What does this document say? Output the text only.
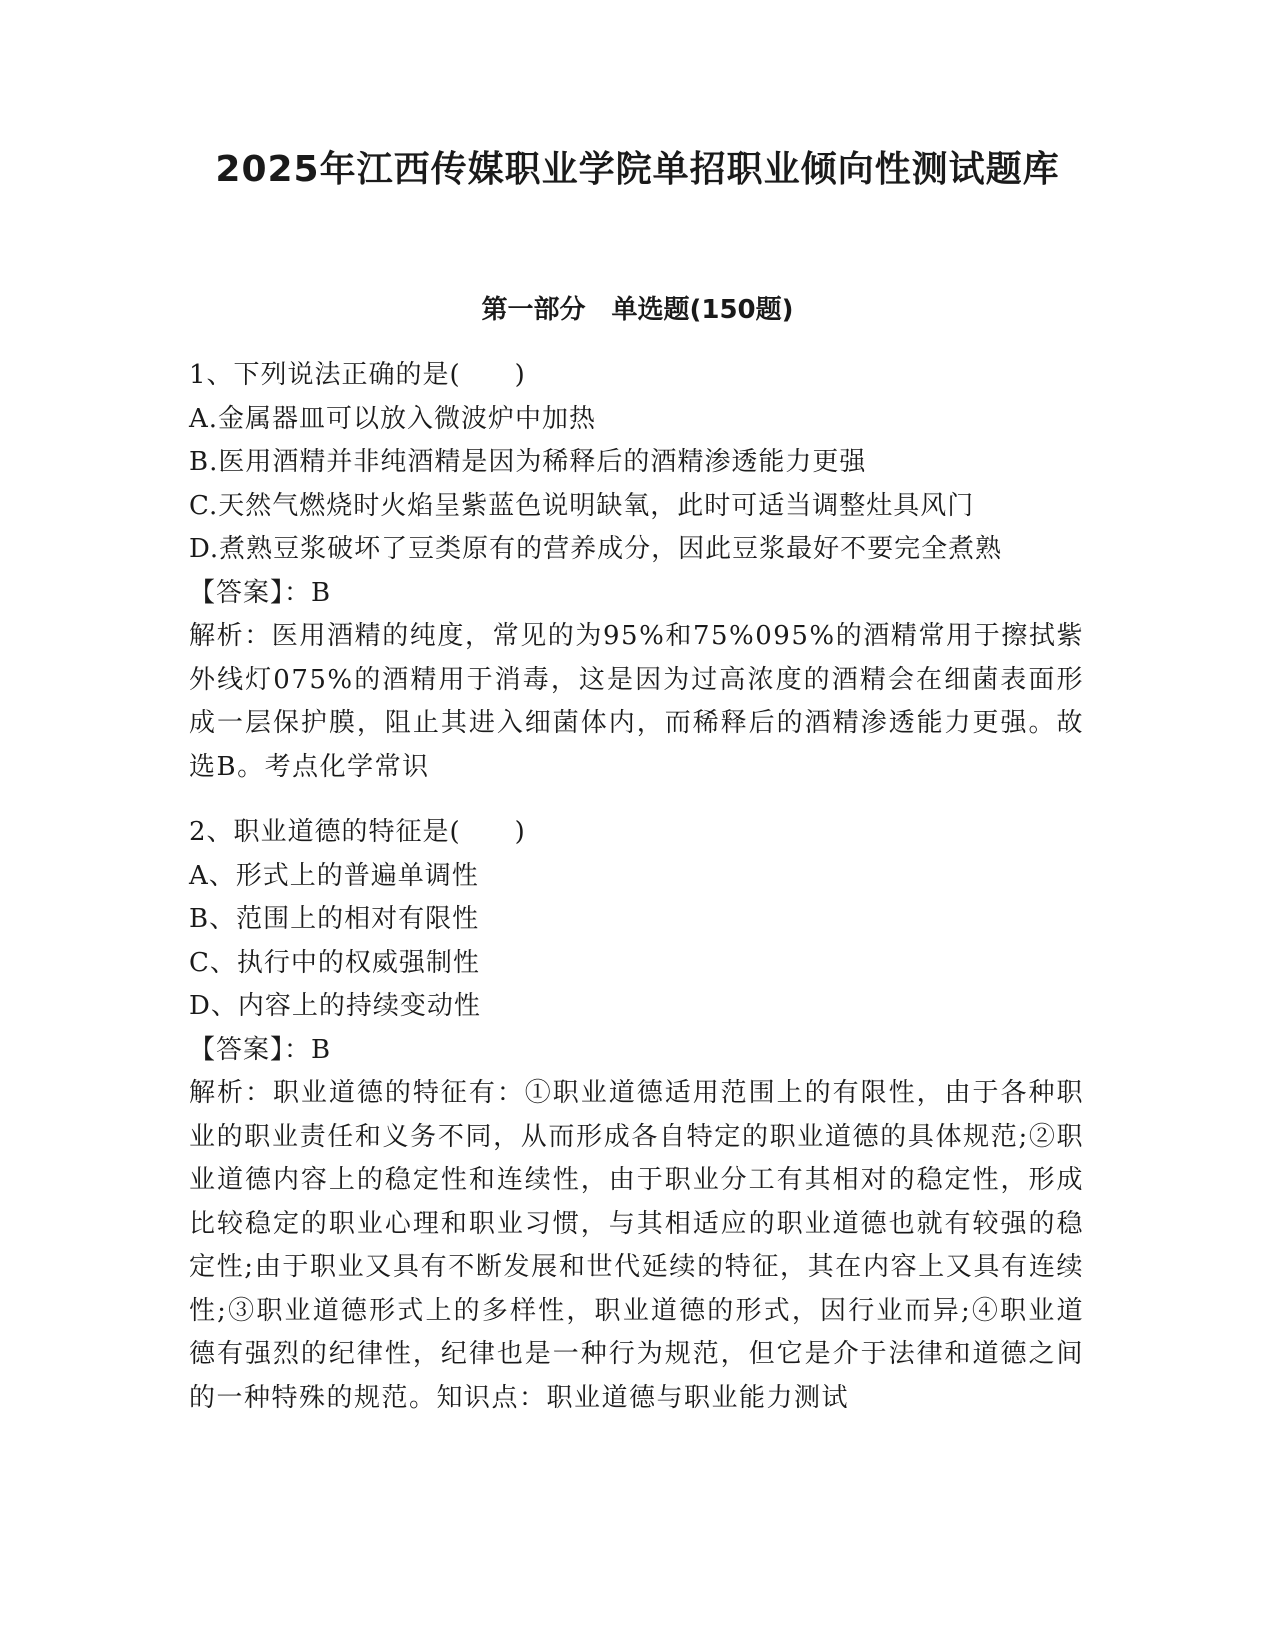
2025年江西传媒职业学院单招职业倾向性测试题库
第一部分　单选题(150题)
1、下列说法正确的是(　　)
A.金属器皿可以放入微波炉中加热
B.医用酒精并非纯酒精是因为稀释后的酒精渗透能力更强
C.天然气燃烧时火焰呈紫蓝色说明缺氧，此时可适当调整灶具风门
D.煮熟豆浆破坏了豆类原有的营养成分，因此豆浆最好不要完全煮熟
【答案】：B
解析：医用酒精的纯度，常见的为95%和75%095%的酒精常用于擦拭紫外线灯075%的酒精用于消毒，这是因为过高浓度的酒精会在细菌表面形成一层保护膜，阻止其进入细菌体内，而稀释后的酒精渗透能力更强。故选B。考点化学常识
2、职业道德的特征是(　　)
A、形式上的普遍单调性
B、范围上的相对有限性
C、执行中的权威强制性
D、内容上的持续变动性
【答案】：B
解析：职业道德的特征有：①职业道德适用范围上的有限性，由于各种职业的职业责任和义务不同，从而形成各自特定的职业道德的具体规范;②职业道德内容上的稳定性和连续性，由于职业分工有其相对的稳定性，形成比较稳定的职业心理和职业习惯，与其相适应的职业道德也就有较强的稳定性;由于职业又具有不断发展和世代延续的特征，其在内容上又具有连续性;③职业道德形式上的多样性，职业道德的形式，因行业而异;④职业道德有强烈的纪律性，纪律也是一种行为规范，但它是介于法律和道德之间的一种特殊的规范。知识点：职业道德与职业能力测试
